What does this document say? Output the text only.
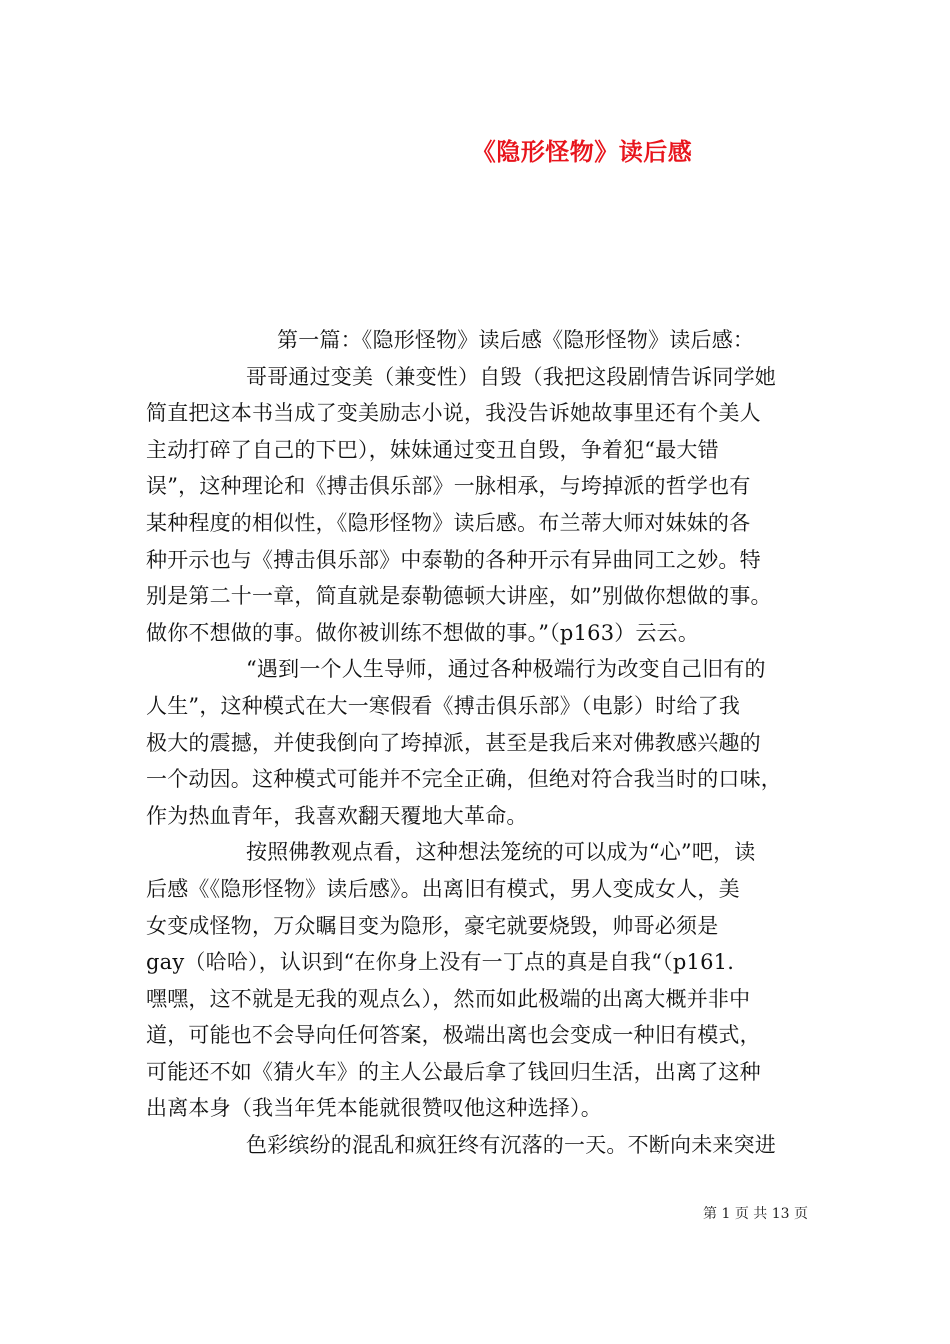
《隐形怪物》读后感
第一篇：《隐形怪物》读后感《隐形怪物》读后感：
哥哥通过变美（兼变性）自毁（我把这段剧情告诉同学她
简直把这本书当成了变美励志小说，我没告诉她故事里还有个美人
主动打碎了自己的下巴），妹妹通过变丑自毁，争着犯“最大错
误”，这种理论和《搏击俱乐部》一脉相承，与垮掉派的哲学也有
某种程度的相似性，《隐形怪物》读后感。布兰蒂大师对妹妹的各
种开示也与《搏击俱乐部》中泰勒的各种开示有异曲同工之妙。特
别是第二十一章，简直就是泰勒德顿大讲座，如”别做你想做的事。
做你不想做的事。做你被训练不想做的事。”（p163）云云。
“遇到一个人生导师，通过各种极端行为改变自己旧有的
人生”，这种模式在大一寒假看《搏击俱乐部》（电影）时给了我
极大的震撼，并使我倒向了垮掉派，甚至是我后来对佛教感兴趣的
一个动因。这种模式可能并不完全正确，但绝对符合我当时的口味，
作为热血青年，我喜欢翻天覆地大革命。
按照佛教观点看，这种想法笼统的可以成为“心”吧，读
后感《《隐形怪物》读后感》。出离旧有模式，男人变成女人，美
女变成怪物，万众瞩目变为隐形，豪宅就要烧毁，帅哥必须是
gay（哈哈），认识到“在你身上没有一丁点的真是自我“（p161.
嘿嘿，这不就是无我的观点么），然而如此极端的出离大概并非中
道，可能也不会导向任何答案，极端出离也会变成一种旧有模式，
可能还不如《猜火车》的主人公最后拿了钱回归生活，出离了这种
出离本身（我当年凭本能就很赞叹他这种选择）。
色彩缤纷的混乱和疯狂终有沉落的一天。不断向未来突进
第 1 页 共 13 页
